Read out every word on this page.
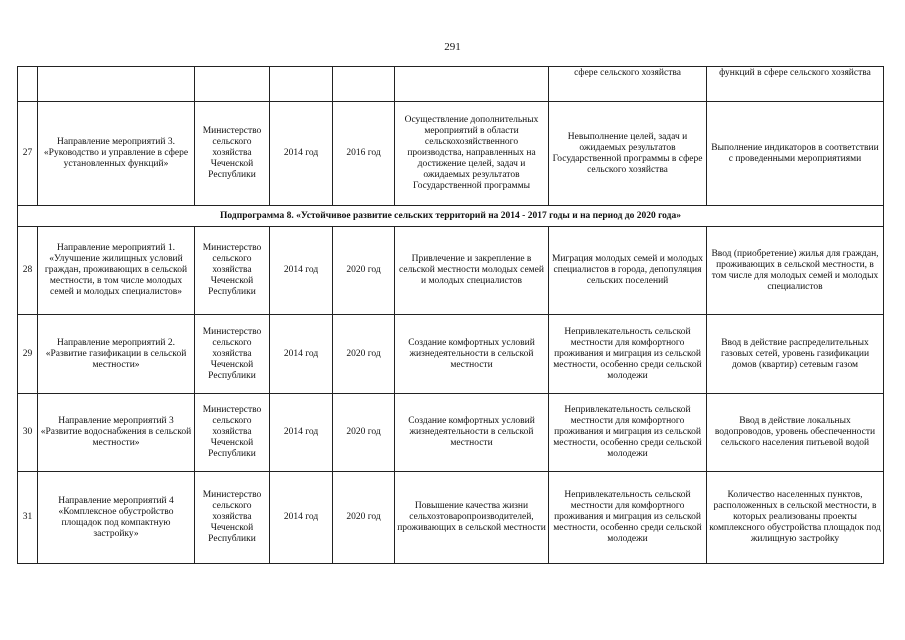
291
						сфере сельского хозяйства	функций в сфере сельского хозяйства
27	Направление мероприятий 3. «Руководство и управление в сфере установленных функций»	Министерство сельского хозяйства Чеченской Республики	2014 год	2016 год	Осуществление дополнительных мероприятий в области сельскохозяйственного производства, направленных на достижение целей, задач и ожидаемых результатов Государственной программы	Невыполнение целей, задач и ожидаемых результатов Государственной программы в сфере сельского хозяйства	Выполнение индикаторов в соответствии с проведенными мероприятиями
Подпрограмма 8. «Устойчивое развитие сельских территорий на 2014 - 2017 годы и на период до 2020 года»							
28	Направление мероприятий 1. «Улучшение жилищных условий граждан, проживающих в сельской местности, в том числе молодых семей и молодых специалистов»	Министерство сельского хозяйства Чеченской Республики	2014 год	2020 год	Привлечение и закрепление в сельской местности молодых семей и молодых специалистов	Миграция молодых семей и молодых специалистов в города, депопуляция сельских поселений	Ввод (приобретение) жилья для граждан, проживающих в сельской местности, в том числе для молодых семей и молодых специалистов
29	Направление мероприятий 2. «Развитие газификации в сельской местности»	Министерство сельского хозяйства Чеченской Республики	2014 год	2020 год	Создание комфортных условий жизнедеятельности в сельской местности	Непривлекательность сельской местности для комфортного проживания и миграция из сельской местности, особенно среди сельской молодежи	Ввод в действие распределительных газовых сетей, уровень газификации домов (квартир) сетевым газом
30	Направление мероприятий 3 «Развитие водоснабжения в сельской местности»	Министерство сельского хозяйства Чеченской Республики	2014 год	2020 год	Создание комфортных условий жизнедеятельности в сельской местности	Непривлекательность сельской местности для комфортного проживания и миграция из сельской местности, особенно среди сельской молодежи	Ввод в действие локальных водопроводов, уровень обеспеченности сельского населения питьевой водой
31	Направление мероприятий 4 «Комплексное обустройство площадок под компактную застройку»	Министерство сельского хозяйства Чеченской Республики	2014 год	2020 год	Повышение качества жизни сельхозтоваропроизводителей, проживающих в сельской местности	Непривлекательность сельской местности для комфортного проживания и миграция из сельской местности, особенно среди сельской молодежи	Количество населенных пунктов, расположенных в сельской местности, в которых реализованы проекты комплексного обустройства площадок под жилищную застройку
